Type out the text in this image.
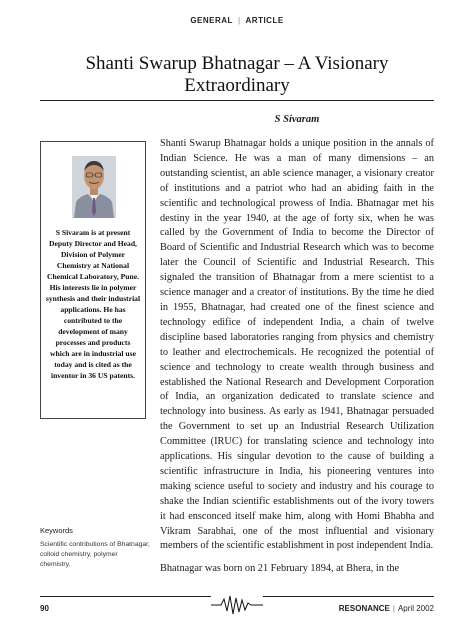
GENERAL | ARTICLE
Shanti Swarup Bhatnagar – A Visionary Extraordinary
S Sivaram
S Sivaram is at present Deputy Director and Head, Division of Polymer Chemistry at National Chemical Laboratory, Pune. His interests lie in polymer synthesis and their industrial applications. He has contributed to the development of many processes and products which are in industrial use today and is cited as the inventor in 36 US patents.
Keywords
Scientific contributions of Bhatnagar, colloid chemistry, polymer chemistry.

Shanti Swarup Bhatnagar holds a unique position in the annals of Indian Science. He was a man of many dimensions – an outstanding scientist, an able science manager, a visionary creator of institutions and a patriot who had an abiding faith in the scientific and technological prowess of India. Bhatnagar met his destiny in the year 1940, at the age of forty six, when he was called by the Government of India to become the Director of Board of Scientific and Industrial Research which was to become later the Council of Scientific and Industrial Research. This signaled the transition of Bhatnagar from a mere scientist to a science manager and a creator of institutions. By the time he died in 1955, Bhatnagar, had created one of the finest science and technology edifice of independent India, a chain of twelve discipline based laboratories ranging from physics and chemistry to leather and electrochemicals. He recognized the potential of science and technology to create wealth through business and established the National Research and Development Corporation of India, an organization dedicated to translate science and technology into business. As early as 1941, Bhatnagar persuaded the Government to set up an Industrial Research Utilization Committee (IRUC) for translating science and technology into applications. His singular devotion to the cause of building a scientific infrastructure in India, his pioneering ventures into making science useful to society and industry and his courage to shake the Indian scientific establishments out of the ivory towers it had ensconced itself make him, along with Homi Bhabha and Vikram Sarabhai, one of the most influential and visionary members of the scientific establishment in post independent India.

Bhatnagar was born on 21 February 1894, at Bhera, in the

90	RESONANCE | April 2002
